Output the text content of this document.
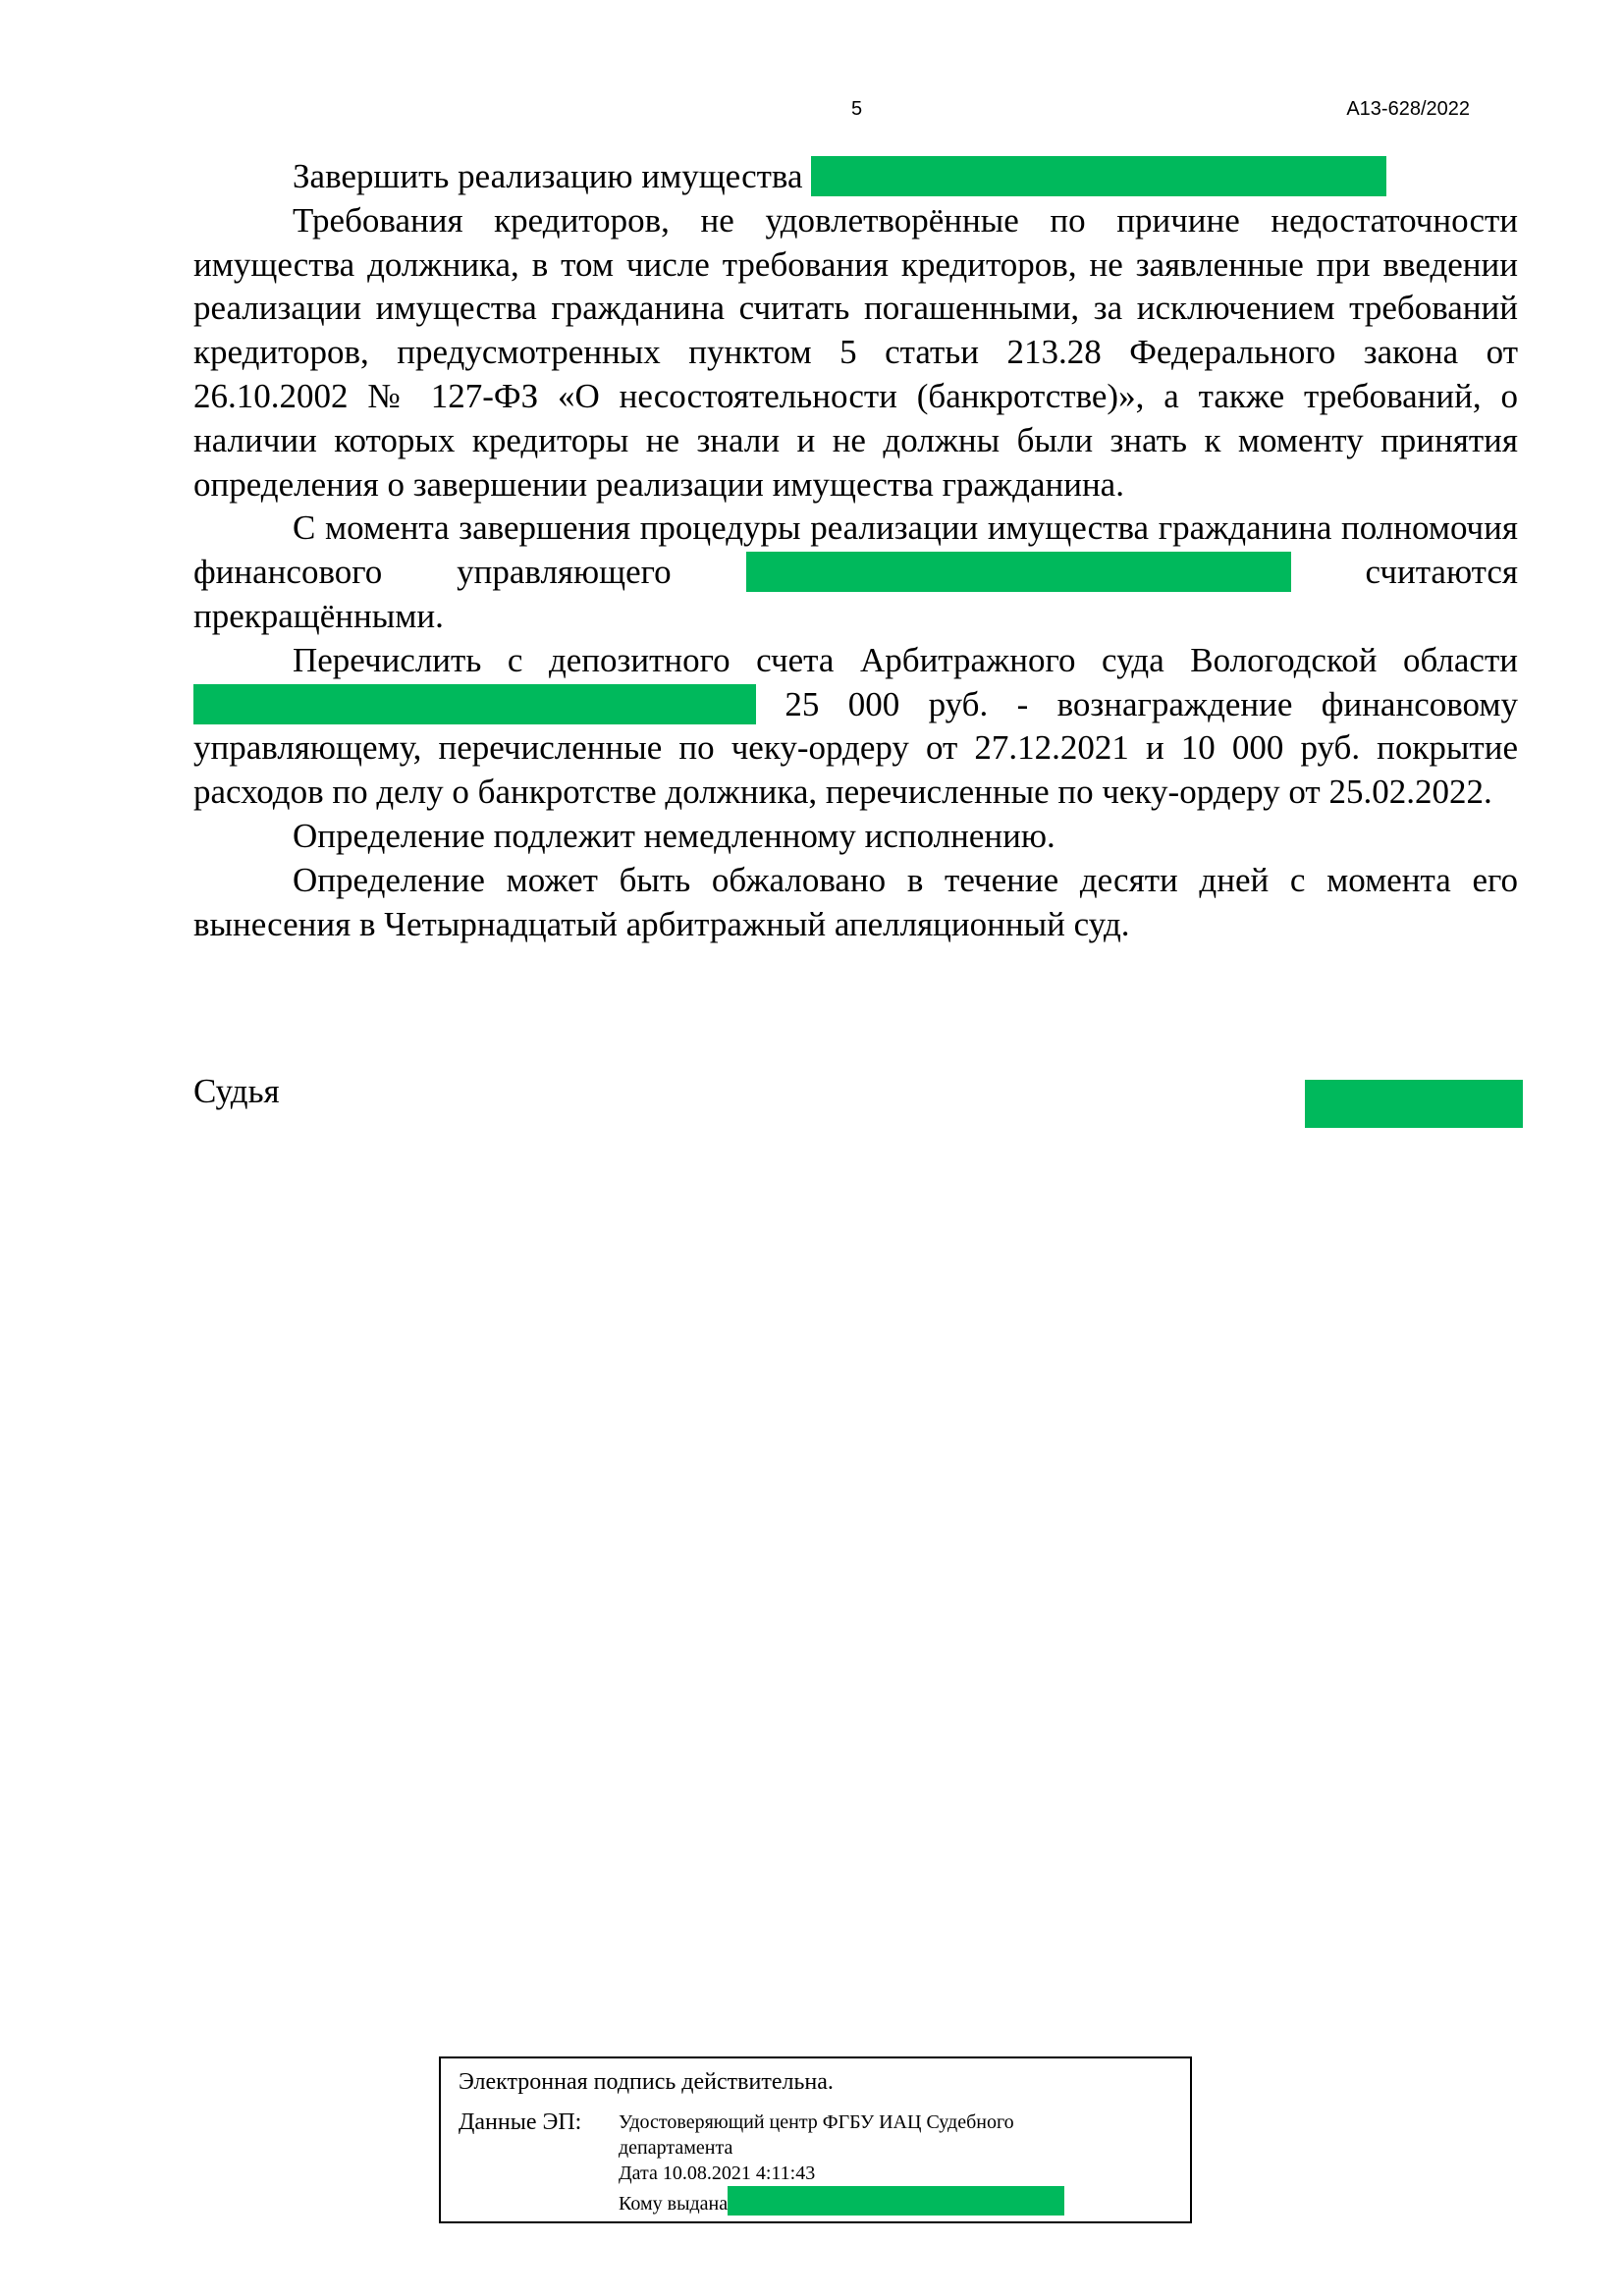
5	А13-628/2022

Завершить реализацию имущества

Требования кредиторов, не удовлетворённые по причине недостаточности имущества должника, в том числе требования кредиторов, не заявленные при введении реализации имущества гражданина считать погашенными, за исключением требований кредиторов, предусмотренных пунктом 5 статьи 213.28 Федерального закона от 26.10.2002 № 127-ФЗ «О несостоятельности (банкротстве)», а также требований, о наличии которых кредиторы не знали и не должны были знать к моменту принятия определения о завершении реализации имущества гражданина.

С момента завершения процедуры реализации имущества гражданина полномочия финансового управляющего	считаются прекращёнными.

Перечислить с депозитного счета Арбитражного суда Вологодской области  25 000 руб. - вознаграждение финансовому управляющему, перечисленные по чеку-ордеру от 27.12.2021 и 10 000 руб. покрытие расходов по делу о банкротстве должника, перечисленные по чеку-ордеру от 25.02.2022.

Определение подлежит немедленному исполнению.

Определение может быть обжаловано в течение десяти дней с момента его вынесения в Четырнадцатый арбитражный апелляционный суд.

Судья
Электронная подпись действительна.
Данные ЭП: Удостоверяющий центр ФГБУ ИАЦ Судебного
департамента
Дата 10.08.2021 4:11:43
Кому выдана
